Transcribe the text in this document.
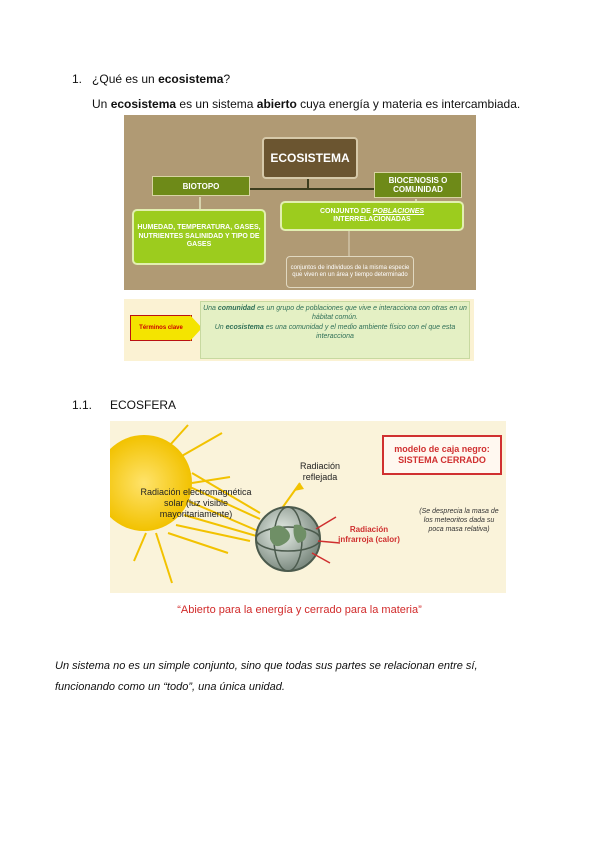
1. ¿Qué es un ecosistema?
Un ecosistema es un sistema abierto cuya energía y materia es intercambiada.
ECOSISTEMA
BIOTOPO
BIOCENOSIS O COMUNIDAD
HUMEDAD, TEMPERATURA, GASES, NUTRIENTES SALINIDAD Y TIPO DE GASES
CONJUNTO DE POBLACIONES
INTERRELACIONADAS
conjuntos de individuos de la misma especie que viven en un área y tiempo determinado
Términos clave
Una comunidad es un grupo de poblaciones que vive e interacciona con otras en un hábitat común.
Un ecosistema es una comunidad y el medio ambiente físico con el que esta interacciona
1.1. ECOSFERA
Radiación electromagnética solar (luz visible mayoritariamente)
Radiación reflejada
Radiación infrarroja (calor)
modelo de caja negro: SISTEMA CERRADO
(Se desprecia la masa de los meteoritos dada su poca masa relativa)
“Abierto para la energía y cerrado para la materia”
Un sistema no es un simple conjunto, sino que todas sus partes se relacionan entre sí, funcionando como un “todo”, una única unidad.
